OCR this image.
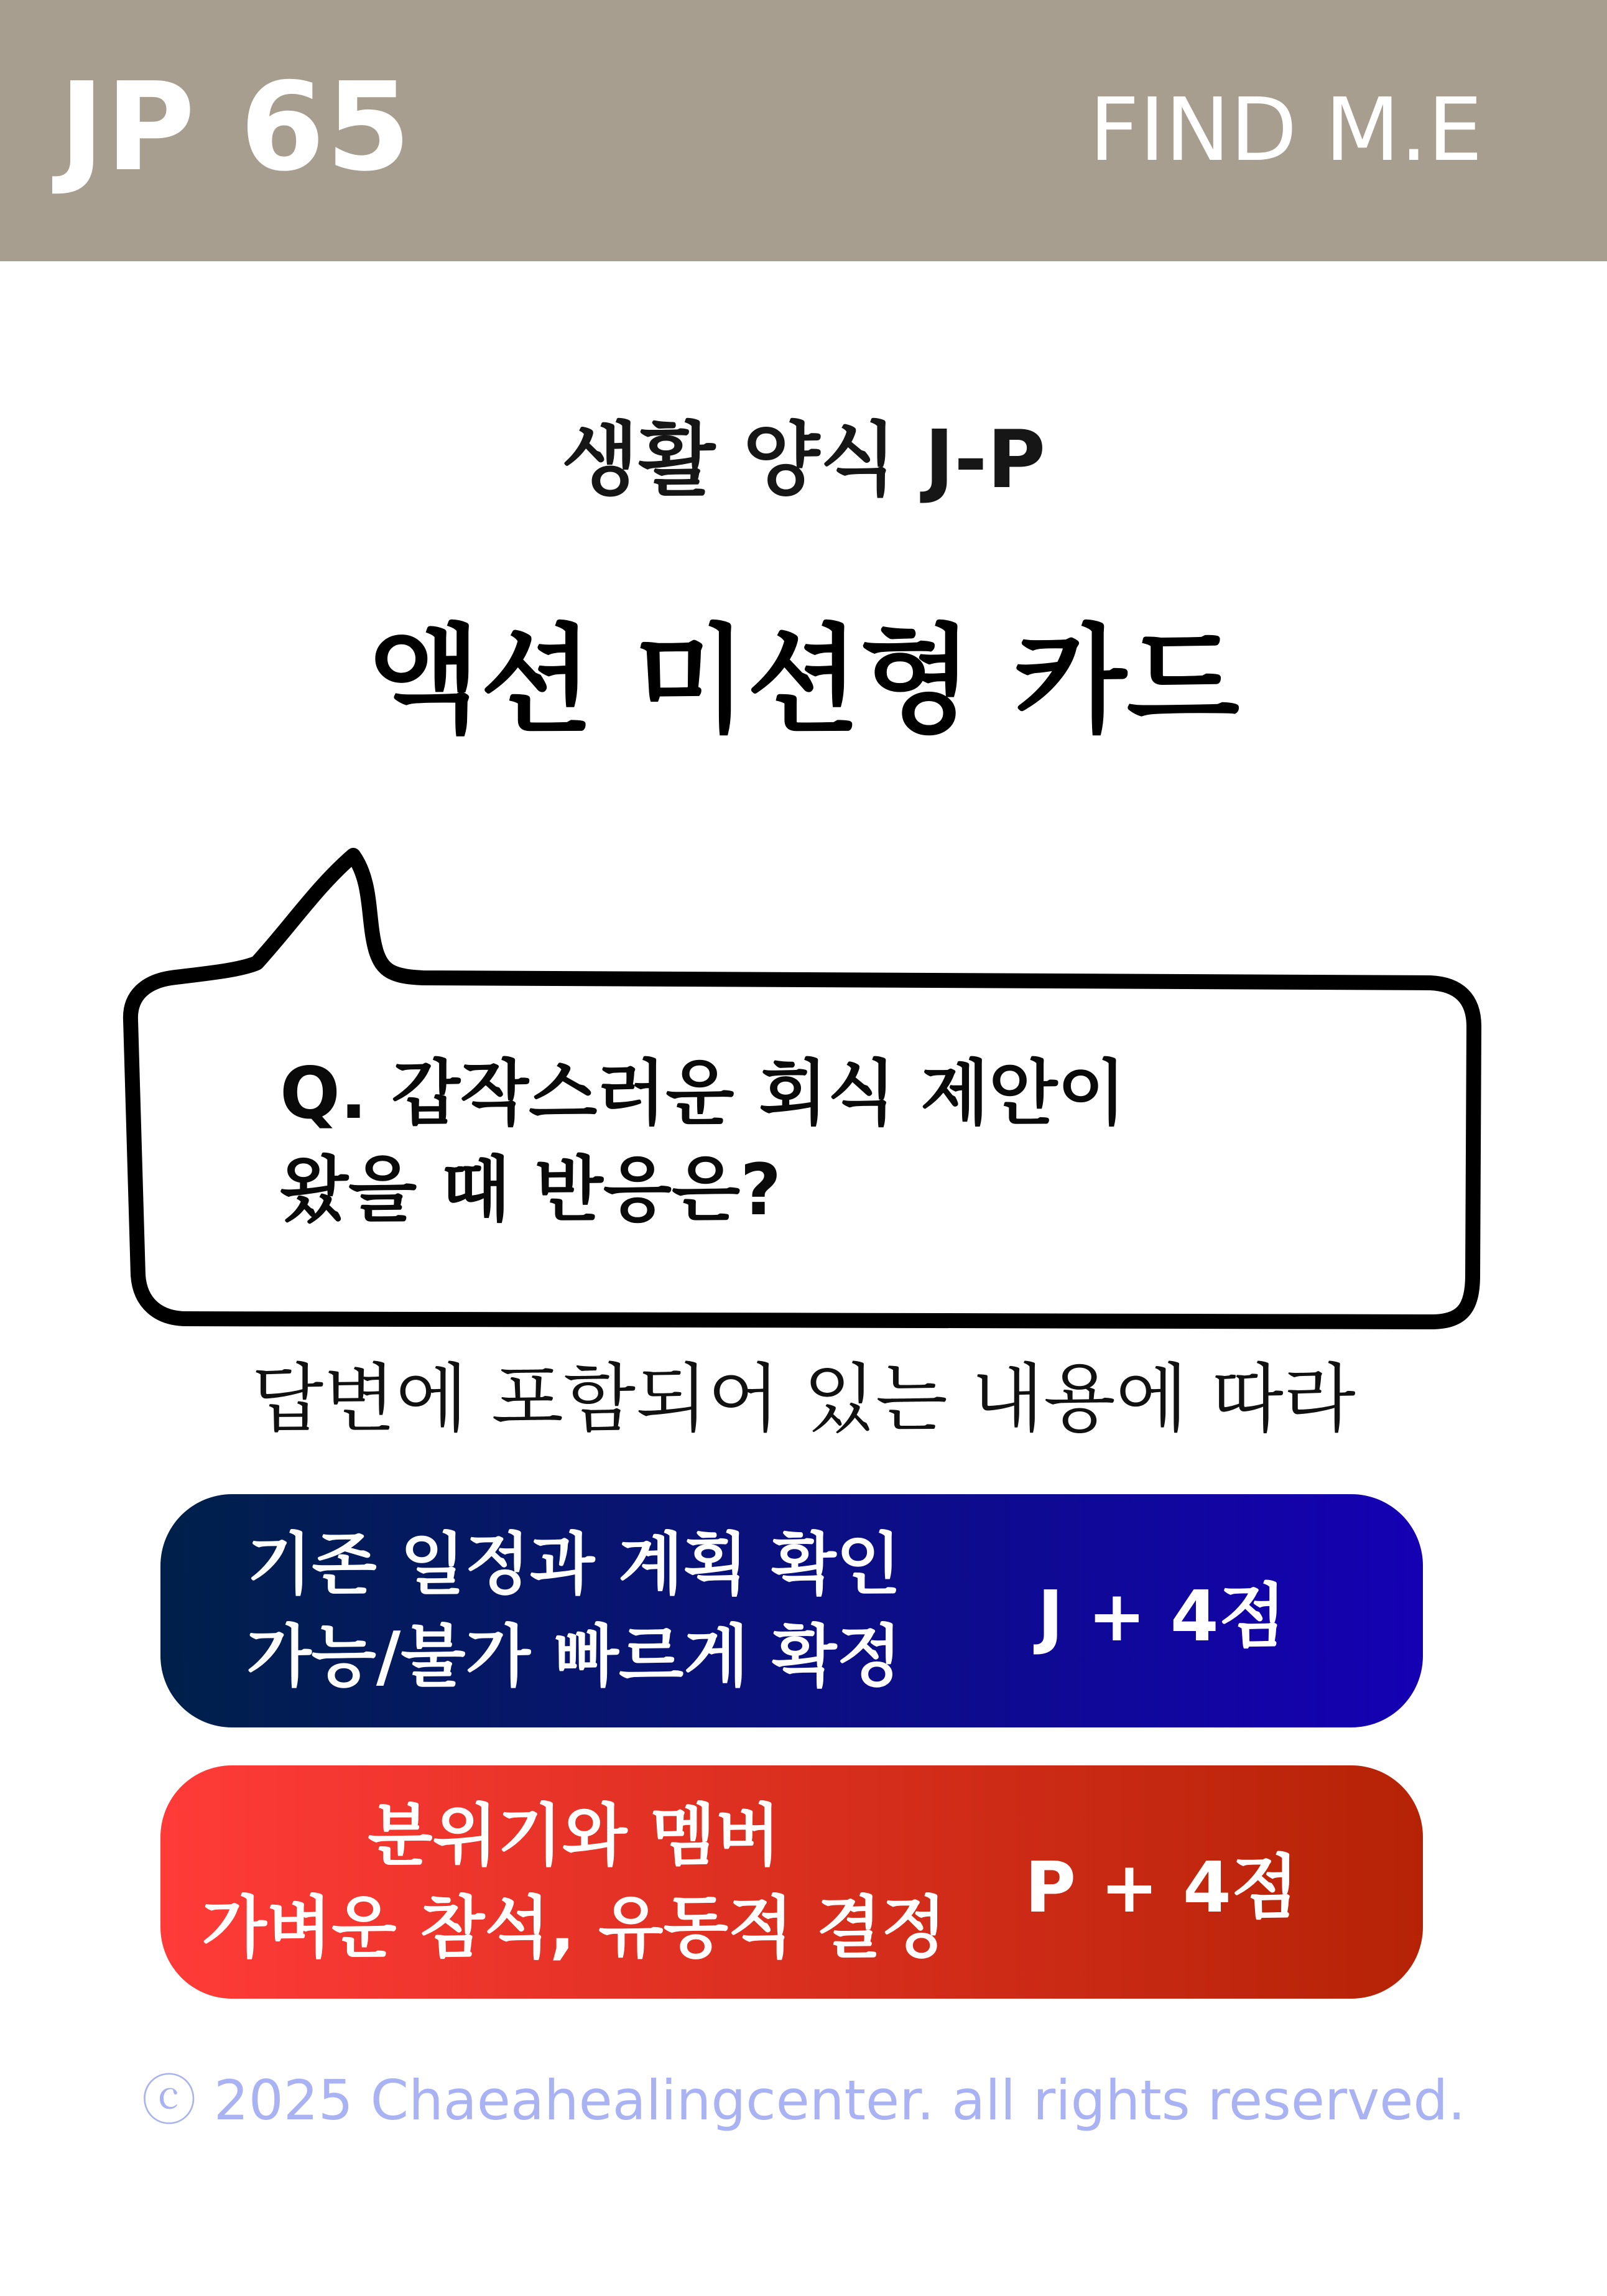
JP 65	FIND M.E
생활 양식 J-P
액션 미션형 카드
Q. 갑작스러운 회식 제안이
왔을 때 반응은?
답변에 포함되어 있는 내용에 따라
기존 일정과 계획 확인
가능/불가 빠르게 확정	J + 4점
분위기와 멤버
가벼운 참석, 유동적 결정	P + 4점
ⓒ 2025 Chaeahealingcenter. all rights reserved.
